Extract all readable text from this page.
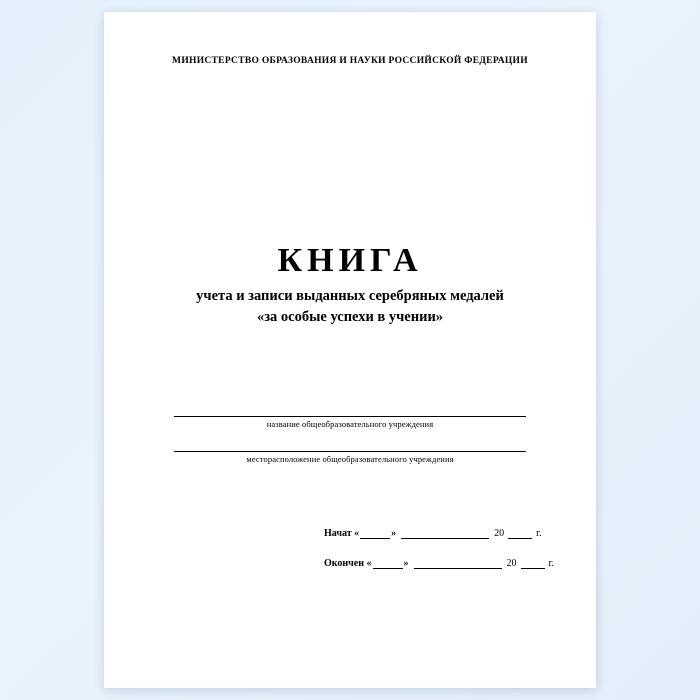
МИНИСТЕРСТВО ОБРАЗОВАНИЯ И НАУКИ РОССИЙСКОЙ ФЕДЕРАЦИИ
КНИГА
учета и записи выданных серебряных медалей
«за особые успехи в учении»
название общеобразовательного учреждения
месторасположение общеобразовательного учреждения
Начат «	»	20	г.
Окончен «	»	20	г.
